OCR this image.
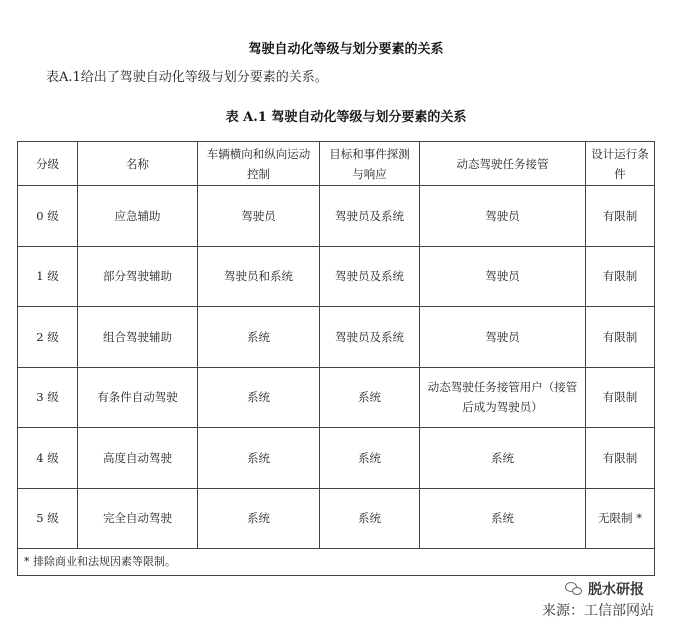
驾驶自动化等级与划分要素的关系
表A.1给出了驾驶自动化等级与划分要素的关系。
表 A.1 驾驶自动化等级与划分要素的关系
分级	名称	车辆横向和纵向运动控制	目标和事件探测与响应	动态驾驶任务接管	设计运行条件
0 级	应急辅助	驾驶员	驾驶员及系统	驾驶员	有限制
1 级	部分驾驶辅助	驾驶员和系统	驾驶员及系统	驾驶员	有限制
2 级	组合驾驶辅助	系统	驾驶员及系统	驾驶员	有限制
3 级	有条件自动驾驶	系统	系统	动态驾驶任务接管用户（接管后成为驾驶员）	有限制
4 级	高度自动驾驶	系统	系统	系统	有限制
5 级	完全自动驾驶	系统	系统	系统	无限制 *
* 排除商业和法规因素等限制。					
脱水研报
来源：工信部网站
